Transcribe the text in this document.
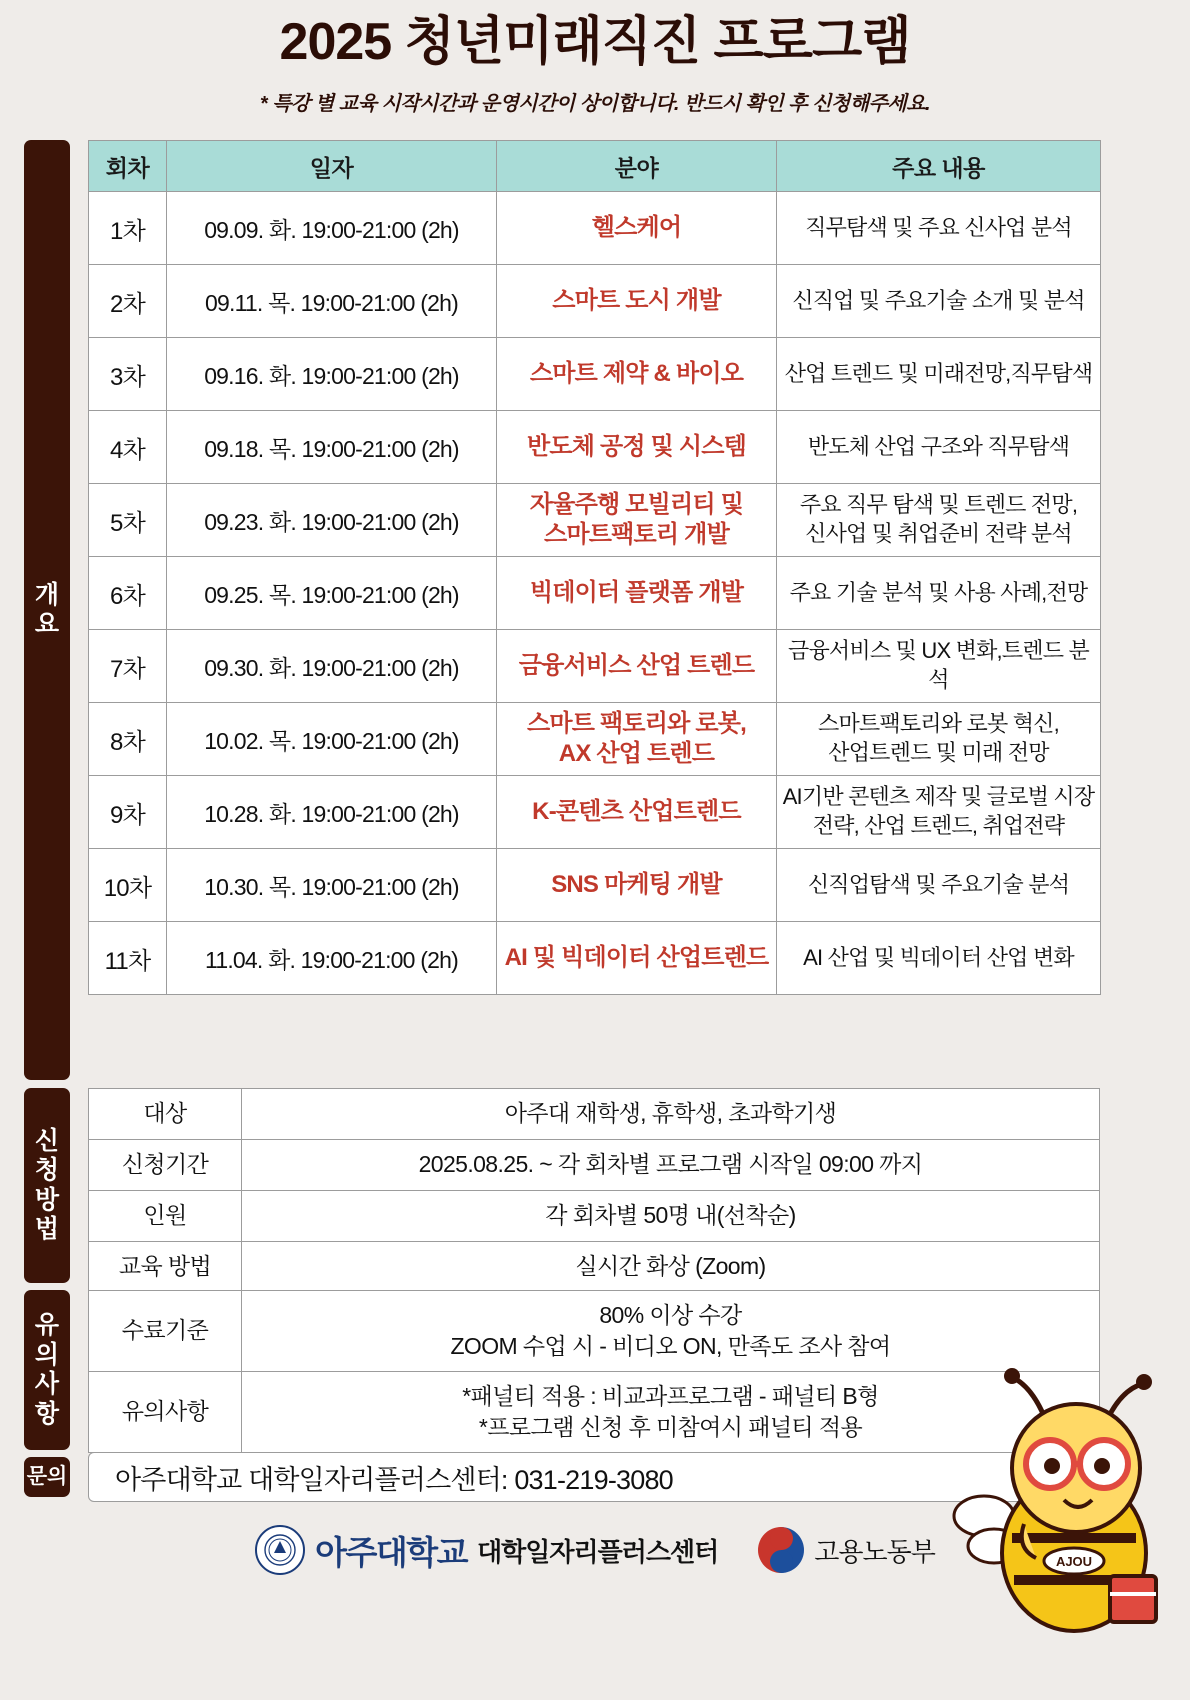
2025 청년미래직진 프로그램
* 특강 별 교육 시작시간과 운영시간이 상이합니다. 반드시 확인 후 신청해주세요.
개
요
신
청
방
법
유
의
사
항
문의
회차	일자	분야	주요 내용
1차	09.09. 화. 19:00-21:00 (2h)	헬스케어	직무탐색 및 주요 신사업 분석
2차	09.11. 목. 19:00-21:00 (2h)	스마트 도시 개발	신직업 및 주요기술 소개 및 분석
3차	09.16. 화. 19:00-21:00 (2h)	스마트 제약 & 바이오	산업 트렌드 및 미래전망,직무탐색
4차	09.18. 목. 19:00-21:00 (2h)	반도체 공정 및 시스템	반도체 산업 구조와 직무탐색
5차	09.23. 화. 19:00-21:00 (2h)	자율주행 모빌리티 및
스마트팩토리 개발	주요 직무 탐색 및 트렌드 전망,
신사업 및 취업준비 전략 분석
6차	09.25. 목. 19:00-21:00 (2h)	빅데이터 플랫폼 개발	주요 기술 분석 및 사용 사례,전망
7차	09.30. 화. 19:00-21:00 (2h)	금융서비스 산업 트렌드	금융서비스 및 UX 변화,트렌드 분석
8차	10.02. 목. 19:00-21:00 (2h)	스마트 팩토리와 로봇,
AX 산업 트렌드	스마트팩토리와 로봇 혁신,
산업트렌드 및 미래 전망
9차	10.28. 화. 19:00-21:00 (2h)	K-콘텐츠 산업트렌드	AI기반 콘텐츠 제작 및 글로벌 시장
전략, 산업 트렌드, 취업전략
10차	10.30. 목. 19:00-21:00 (2h)	SNS 마케팅 개발	신직업탐색 및 주요기술 분석
11차	11.04. 화. 19:00-21:00 (2h)	AI 및 빅데이터 산업트렌드	AI 산업 및 빅데이터 산업 변화
대상	아주대 재학생, 휴학생, 초과학기생
신청기간	2025.08.25. ~ 각 회차별 프로그램 시작일 09:00 까지
인원	각 회차별 50명 내(선착순)
교육 방법	실시간 화상 (Zoom)
수료기준	80% 이상 수강
ZOOM 수업 시 - 비디오 ON, 만족도 조사 참여
유의사항	*패널티 적용 : 비교과프로그램 - 패널티 B형
*프로그램 신청 후 미참여시 패널티 적용
아주대학교 대학일자리플러스센터: 031-219-3080
아주대학교 대학일자리플러스센터	고용노동부	AJOU
